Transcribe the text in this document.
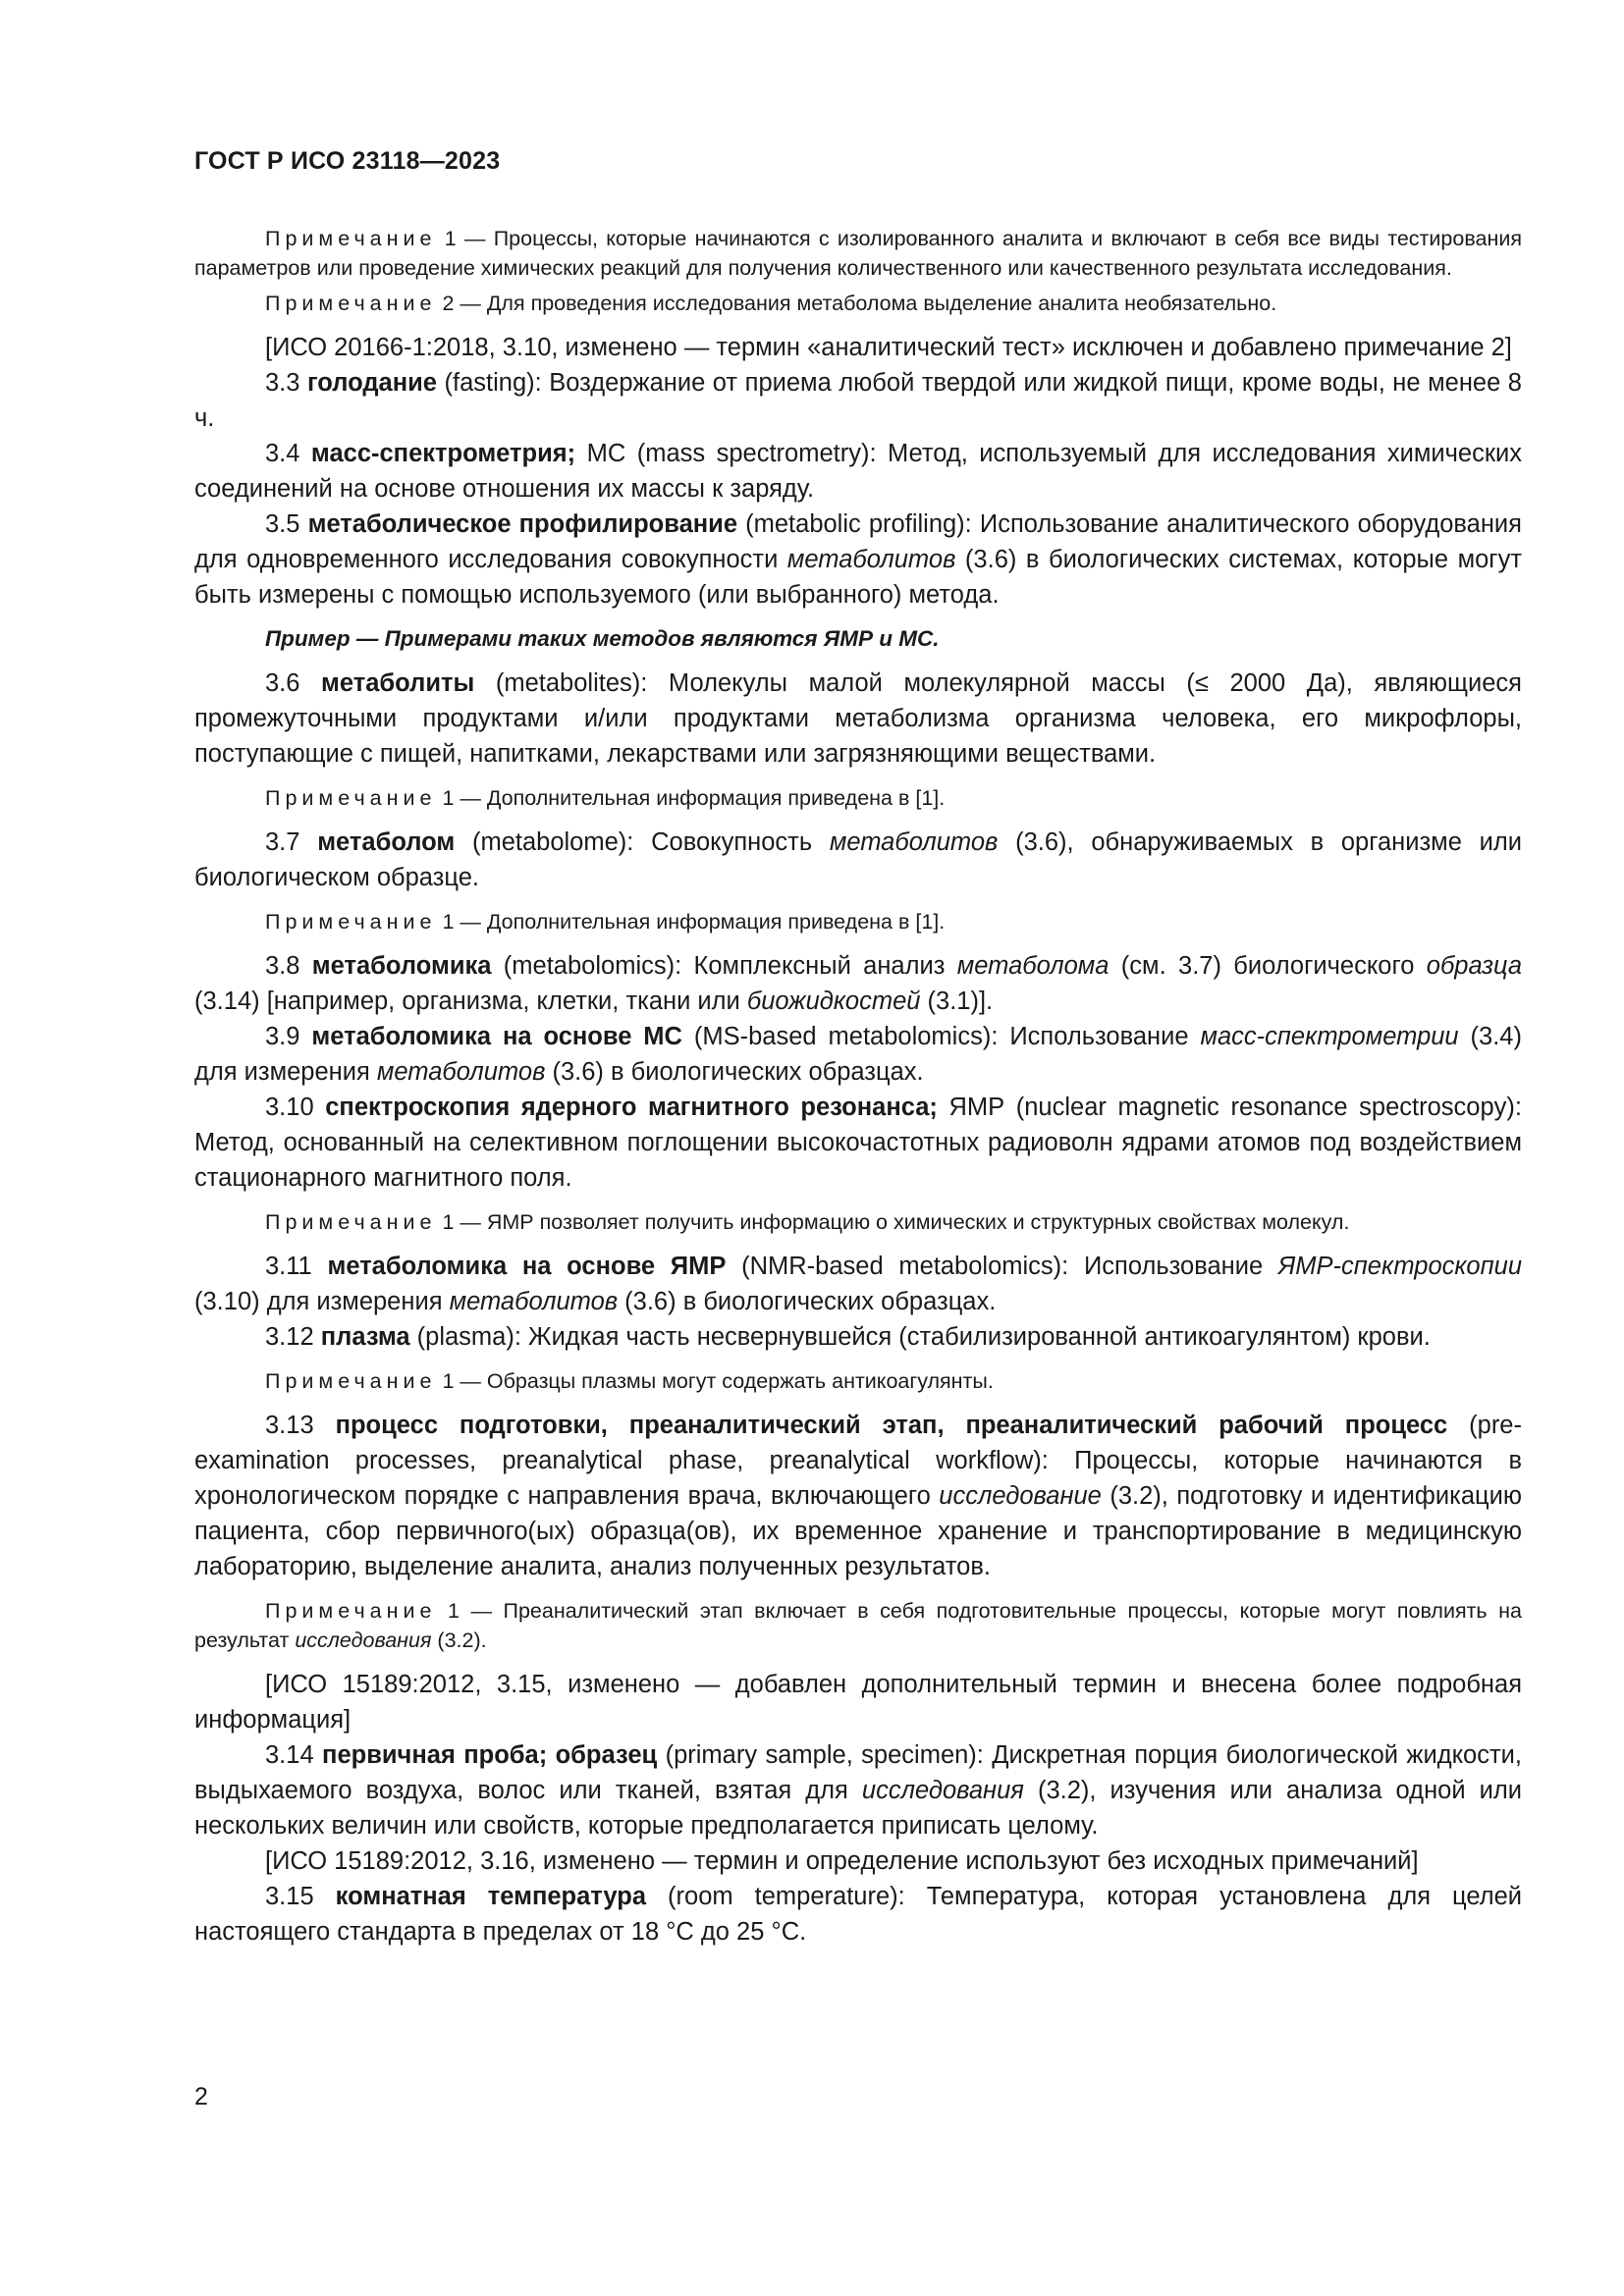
ГОСТ Р ИСО 23118—2023

Примечание 1 — Процессы, которые начинаются с изолированного аналита и включают в себя все виды тестирования параметров или проведение химических реакций для получения количественного или качественного результата исследования.

Примечание 2 — Для проведения исследования метаболома выделение аналита необязательно.

[ИСО 20166-1:2018, 3.10, изменено — термин «аналитический тест» исключен и добавлено примечание 2]

3.3 голодание (fasting): Воздержание от приема любой твердой или жидкой пищи, кроме воды, не менее 8 ч.

3.4 масс-спектрометрия; МС (mass spectrometry): Метод, используемый для исследования химических соединений на основе отношения их массы к заряду.

3.5 метаболическое профилирование (metabolic profiling): Использование аналитического оборудования для одновременного исследования совокупности метаболитов (3.6) в биологических системах, которые могут быть измерены с помощью используемого (или выбранного) метода.

Пример — Примерами таких методов являются ЯМР и МС.

3.6 метаболиты (metabolites): Молекулы малой молекулярной массы (≤ 2000 Да), являющиеся промежуточными продуктами и/или продуктами метаболизма организма человека, его микрофлоры, поступающие с пищей, напитками, лекарствами или загрязняющими веществами.

Примечание 1 — Дополнительная информация приведена в [1].

3.7 метаболом (metabolome): Совокупность метаболитов (3.6), обнаруживаемых в организме или биологическом образце.

Примечание 1 — Дополнительная информация приведена в [1].

3.8 метаболомика (metabolomics): Комплексный анализ метаболома (см. 3.7) биологического образца (3.14) [например, организма, клетки, ткани или биожидкостей (3.1)].

3.9 метаболомика на основе МС (MS-based metabolomics): Использование масс-спектрометрии (3.4) для измерения метаболитов (3.6) в биологических образцах.

3.10 спектроскопия ядерного магнитного резонанса; ЯМР (nuclear magnetic resonance spectroscopy): Метод, основанный на селективном поглощении высокочастотных радиоволн ядрами атомов под воздействием стационарного магнитного поля.

Примечание 1 — ЯМР позволяет получить информацию о химических и структурных свойствах молекул.

3.11 метаболомика на основе ЯМР (NMR-based metabolomics): Использование ЯМР-спектроскопии (3.10) для измерения метаболитов (3.6) в биологических образцах.

3.12 плазма (plasma): Жидкая часть несвернувшейся (стабилизированной антикоагулянтом) крови.

Примечание 1 — Образцы плазмы могут содержать антикоагулянты.

3.13 процесс подготовки, преаналитический этап, преаналитический рабочий процесс (pre-examination processes, preanalytical phase, preanalytical workflow): Процессы, которые начинаются в хронологическом порядке с направления врача, включающего исследование (3.2), подготовку и идентификацию пациента, сбор первичного(ых) образца(ов), их временное хранение и транспортирование в медицинскую лабораторию, выделение аналита, анализ полученных результатов.

Примечание 1 — Преаналитический этап включает в себя подготовительные процессы, которые могут повлиять на результат исследования (3.2).

[ИСО 15189:2012, 3.15, изменено — добавлен дополнительный термин и внесена более подробная информация]

3.14 первичная проба; образец (primary sample, specimen): Дискретная порция биологической жидкости, выдыхаемого воздуха, волос или тканей, взятая для исследования (3.2), изучения или анализа одной или нескольких величин или свойств, которые предполагается приписать целому.

[ИСО 15189:2012, 3.16, изменено — термин и определение используют без исходных примечаний]

3.15 комнатная температура (room temperature): Температура, которая установлена для целей настоящего стандарта в пределах от 18 °С до 25 °С.

2
